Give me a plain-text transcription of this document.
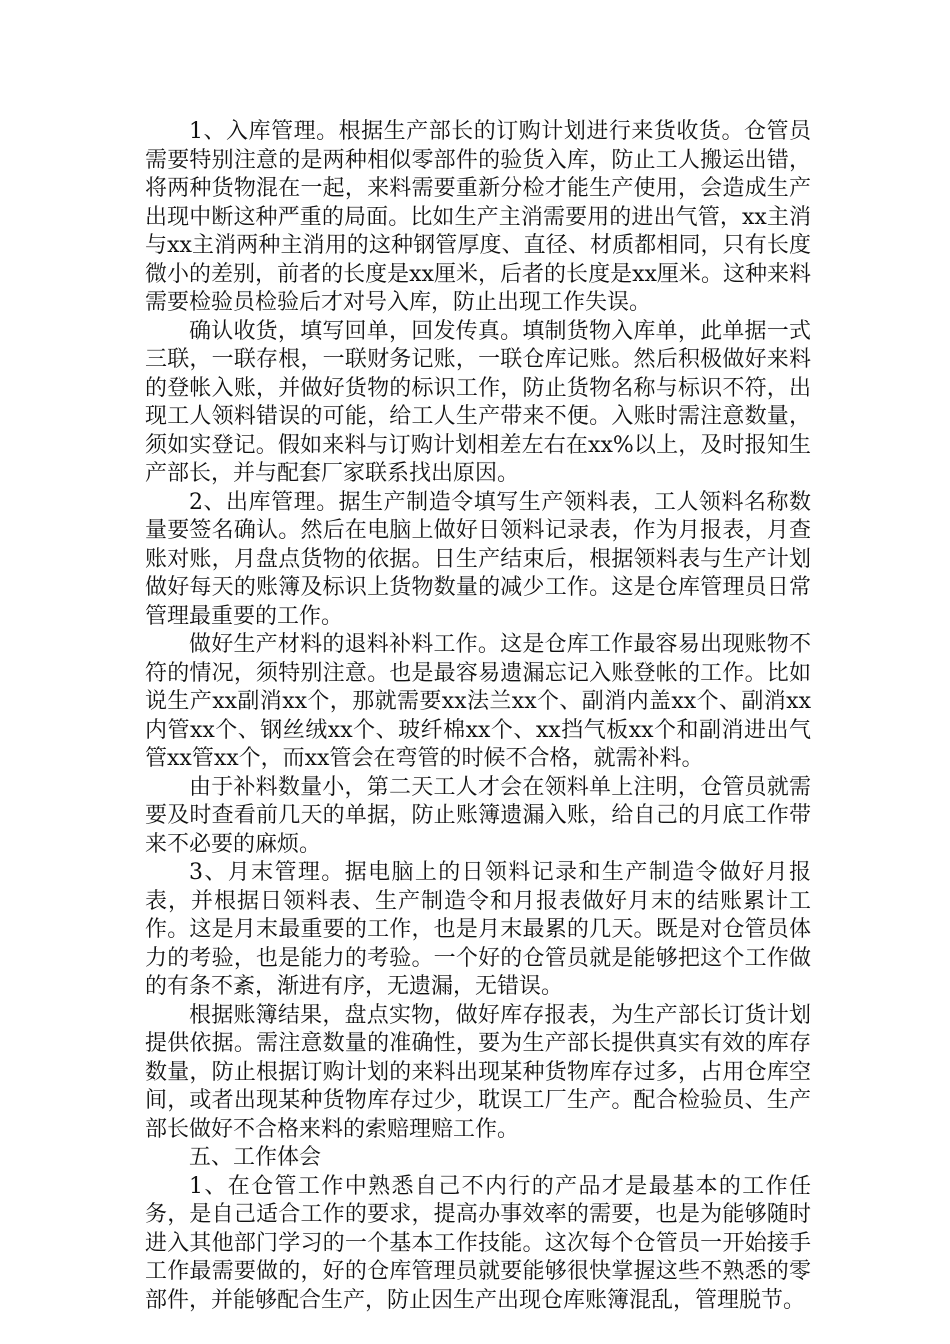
1、入库管理。根据生产部长的订购计划进行来货收货。仓管员需要特别注意的是两种相似零部件的验货入库，防止工人搬运出错，将两种货物混在一起，来料需要重新分检才能生产使用，会造成生产出现中断这种严重的局面。比如生产主消需要用的进出气管，xx主消与xx主消两种主消用的这种钢管厚度、直径、材质都相同，只有长度微小的差别，前者的长度是xx厘米，后者的长度是xx厘米。这种来料需要检验员检验后才对号入库，防止出现工作失误。

确认收货，填写回单，回发传真。填制货物入库单，此单据一式三联，一联存根，一联财务记账，一联仓库记账。然后积极做好来料的登帐入账，并做好货物的标识工作，防止货物名称与标识不符，出现工人领料错误的可能，给工人生产带来不便。入账时需注意数量，须如实登记。假如来料与订购计划相差左右在xx%以上，及时报知生产部长，并与配套厂家联系找出原因。

2、出库管理。据生产制造令填写生产领料表，工人领料名称数量要签名确认。然后在电脑上做好日领料记录表，作为月报表，月查账对账，月盘点货物的依据。日生产结束后，根据领料表与生产计划做好每天的账簿及标识上货物数量的减少工作。这是仓库管理员日常管理最重要的工作。

做好生产材料的退料补料工作。这是仓库工作最容易出现账物不符的情况，须特别注意。也是最容易遗漏忘记入账登帐的工作。比如说生产xx副消xx个，那就需要xx法兰xx个、副消内盖xx个、副消xx内管xx个、钢丝绒xx个、玻纤棉xx个、xx挡气板xx个和副消进出气管xx管xx个，而xx管会在弯管的时候不合格，就需补料。

由于补料数量小，第二天工人才会在领料单上注明，仓管员就需要及时查看前几天的单据，防止账簿遗漏入账，给自己的月底工作带来不必要的麻烦。

3、月末管理。据电脑上的日领料记录和生产制造令做好月报表，并根据日领料表、生产制造令和月报表做好月末的结账累计工作。这是月末最重要的工作，也是月末最累的几天。既是对仓管员体力的考验，也是能力的考验。一个好的仓管员就是能够把这个工作做的有条不紊，渐进有序，无遗漏，无错误。

根据账簿结果，盘点实物，做好库存报表，为生产部长订货计划提供依据。需注意数量的准确性，要为生产部长提供真实有效的库存数量，防止根据订购计划的来料出现某种货物库存过多，占用仓库空间，或者出现某种货物库存过少，耽误工厂生产。配合检验员、生产部长做好不合格来料的索赔理赔工作。

五、工作体会

1、在仓管工作中熟悉自己不内行的产品才是最基本的工作任务，是自己适合工作的要求，提高办事效率的需要，也是为能够随时进入其他部门学习的一个基本工作技能。这次每个仓管员一开始接手工作最需要做的，好的仓库管理员就要能够很快掌握这些不熟悉的零部件，并能够配合生产，防止因生产出现仓库账簿混乱，管理脱节。
